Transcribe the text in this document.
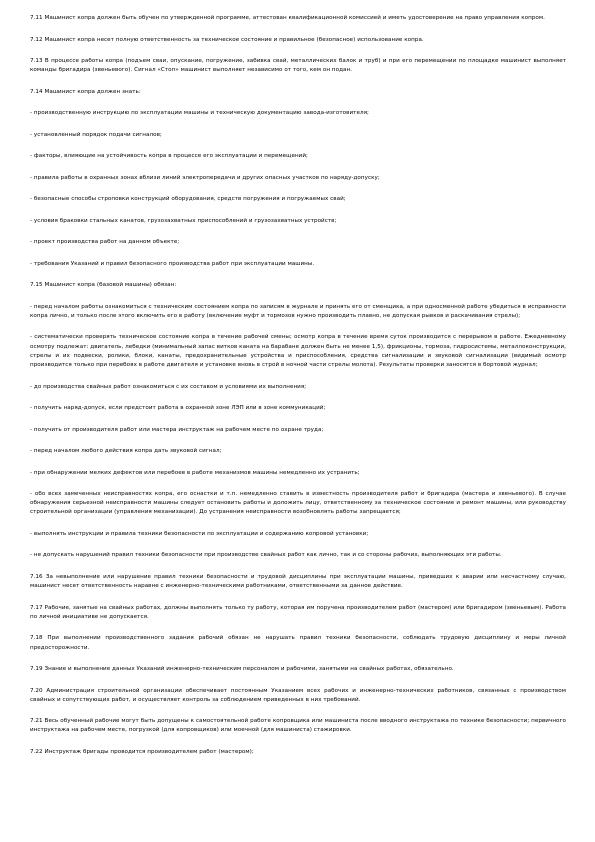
7.11 Машинист копра должен быть обучен по утвержденной программе, аттестован квалификационной комиссией и иметь удостоверение на право управления копром.

7.12 Машинист копра несет полную ответственность за техническое состояние и правильное (безопасное) использование копра.

7.13 В процессе работы копра (подъем сваи, опускание, погружение, забивка свай, металлических балок и труб) и при его перемещении по площадке машинист выполняет команды бригадира (звеньевого). Сигнал «Стоп» машинист выполняет независимо от того, кем он подан.

7.14 Машинист копра должен знать:

- производственную инструкцию по эксплуатации машины и техническую документацию завода-изготовителя;

- установленный порядок подачи сигналов;

- факторы, влияющие на устойчивость копра в процессе его эксплуатации и перемещений;

- правила работы в охранных зонах вблизи линий электропередачи и других опасных участков по наряду-допуску;

- безопасные способы строповки конструкций оборудования, средств погружения и погружаемых свай;

- условия браковки стальных канатов, грузозахватных приспособлений и грузозахватных устройств;

- проект производства работ на данном объекте;

- требования Указаний и правил безопасного производства работ при эксплуатации машины.

7.15 Машинист копра (базовой машины) обязан:

- перед началом работы ознакомиться с техническим состоянием копра по записям в журнале и принять его от сменщика, а при односменной работе убедиться в исправности копра лично, и только после этого включить его в работу (включение муфт и тормозов нужно производить плавно, не допуская рывков и раскачивания стрелы);

- систематически проверять техническое состояние копра в течение рабочей смены; осмотр копра в течение время суток производится с перерывом в работе. Ежедневному осмотру подлежат: двигатель, лебедки (минимальный запас витков каната на барабане должен быть не менее 1,5), фрикционы, тормоза, гидросистемы, металлоконструкции, стрелы и их подвески, ролики, блоки, канаты, предохранительные устройства и приспособления, средства сигнализации и звуковой сигнализации (видимый осмотр производится только при перебоях в работе двигателя и установке вновь в строй в ночной части стрелы молота). Результаты проверки заносятся в бортовой журнал;

- до производства свайных работ ознакомиться с их составом и условиями их выполнения;

- получить наряд-допуск, если предстоит работа в охранной зоне ЛЭП или в зоне коммуникаций;

- получить от производителя работ или мастера инструктаж на рабочем месте по охране труда;

- перед началом любого действия копра дать звуковой сигнал;

- при обнаружении мелких дефектов или перебоев в работе механизмов машины немедленно их устранить;

- обо всех замеченных неисправностях копра, его оснастки и т.п. немедленно ставить в известность производителя работ и бригадира (мастера и звеньевого). В случае обнаружения серьезной неисправности машины следует остановить работы и доложить лицу, ответственному за техническое состояние и ремонт машины, или руководству строительной организации (управления механизации). До устранения неисправности возобновлять работы запрещается;

- выполнять инструкции и правила техники безопасности по эксплуатации и содержанию копровой установки;

- не допускать нарушений правил техники безопасности при производстве свайных работ как лично, так и со стороны рабочих, выполняющих эти работы.

7.16 За невыполнение или нарушение правил техники безопасности и трудовой дисциплины при эксплуатации машины, приведших к аварии или несчастному случаю, машинист несет ответственность наравне с инженерно-техническими работниками, ответственными за данное действие.

7.17 Рабочие, занятые на свайных работах, должны выполнять только ту работу, которая им поручена производителем работ (мастером) или бригадиром (звеньевым). Работа по личной инициативе не допускается.

7.18 При выполнении производственного задания рабочий обязан не нарушать правил техники безопасности, соблюдать трудовую дисциплину и меры личной предосторожности.

7.19 Знание и выполнение данных Указаний инженерно-техническим персоналом и рабочими, занятыми на свайных работах, обязательно.

7.20 Администрация строительной организации обеспечивает постоянным Указанием всех рабочих и инженерно-технических работников, связанных с производством свайных и сопутствующих работ, и осуществляет контроль за соблюдением приведенных в них требований.

7.21 Весь обученный рабочие могут быть допущены к самостоятельной работе копровщика или машиниста после вводного инструктажа по технике безопасности; первичного инструктажа на рабочем месте, погрузкой (для копровщиков) или моечной (для машиниста) стажировки.

7.22 Инструктаж бригады проводится производителем работ (мастером);
